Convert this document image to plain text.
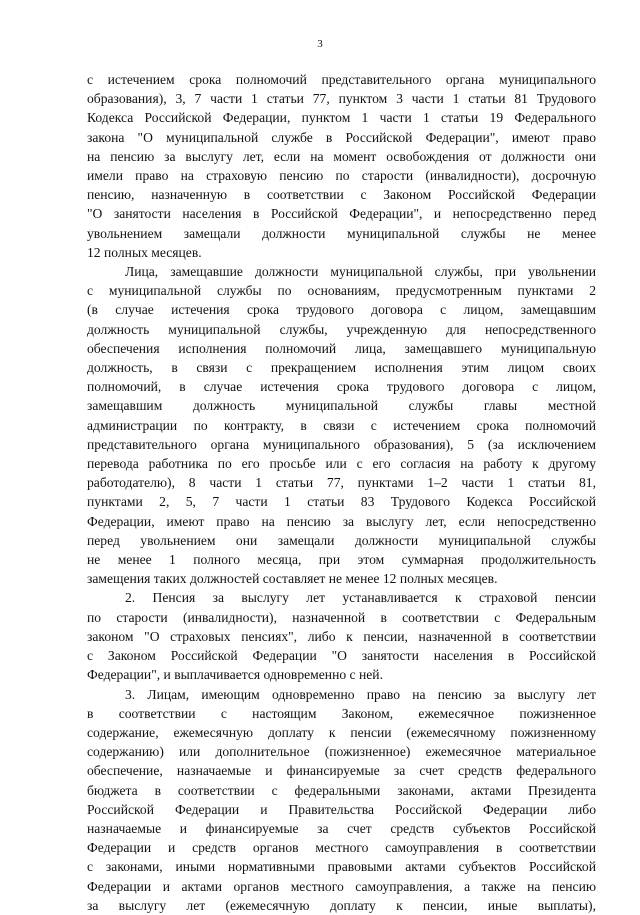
3
с истечением срока полномочий представительного органа муниципального
образования), 3, 7 части 1 статьи 77, пунктом 3 части 1 статьи 81 Трудового
Кодекса Российской Федерации, пунктом 1 части 1 статьи 19 Федерального
закона "О муниципальной службе в Российской Федерации", имеют право
на пенсию за выслугу лет, если на момент освобождения от должности они
имели право на страховую пенсию по старости (инвалидности), досрочную
пенсию, назначенную в соответствии с Законом Российской Федерации
"О занятости населения в Российской Федерации", и непосредственно перед
увольнением замещали должности муниципальной службы не менее
12 полных месяцев.
Лица, замещавшие должности муниципальной службы, при увольнении
с муниципальной службы по основаниям, предусмотренным пунктами 2
(в случае истечения срока трудового договора с лицом, замещавшим
должность муниципальной службы, учрежденную для непосредственного
обеспечения исполнения полномочий лица, замещавшего муниципальную
должность, в связи с прекращением исполнения этим лицом своих
полномочий, в случае истечения срока трудового договора с лицом,
замещавшим должность муниципальной службы главы местной
администрации по контракту, в связи с истечением срока полномочий
представительного органа муниципального образования), 5 (за исключением
перевода работника по его просьбе или с его согласия на работу к другому
работодателю), 8 части 1 статьи 77, пунктами 1–2 части 1 статьи 81,
пунктами 2, 5, 7 части 1 статьи 83 Трудового Кодекса Российской
Федерации, имеют право на пенсию за выслугу лет, если непосредственно
перед увольнением они замещали должности муниципальной службы
не менее 1 полного месяца, при этом суммарная продолжительность
замещения таких должностей составляет не менее 12 полных месяцев.
2. Пенсия за выслугу лет устанавливается к страховой пенсии
по старости (инвалидности), назначенной в соответствии с Федеральным
законом "О страховых пенсиях", либо к пенсии, назначенной в соответствии
с Законом Российской Федерации "О занятости населения в Российской
Федерации", и выплачивается одновременно с ней.
3. Лицам, имеющим одновременно право на пенсию за выслугу лет
в соответствии с настоящим Законом, ежемесячное пожизненное
содержание, ежемесячную доплату к пенсии (ежемесячному пожизненному
содержанию) или дополнительное (пожизненное) ежемесячное материальное
обеспечение, назначаемые и финансируемые за счет средств федерального
бюджета в соответствии с федеральными законами, актами Президента
Российской Федерации и Правительства Российской Федерации либо
назначаемые и финансируемые за счет средств субъектов Российской
Федерации и средств органов местного самоуправления в соответствии
с законами, иными нормативными правовыми актами субъектов Российской
Федерации и актами органов местного самоуправления, а также на пенсию
за выслугу лет (ежемесячную доплату к пенсии, иные выплаты),
